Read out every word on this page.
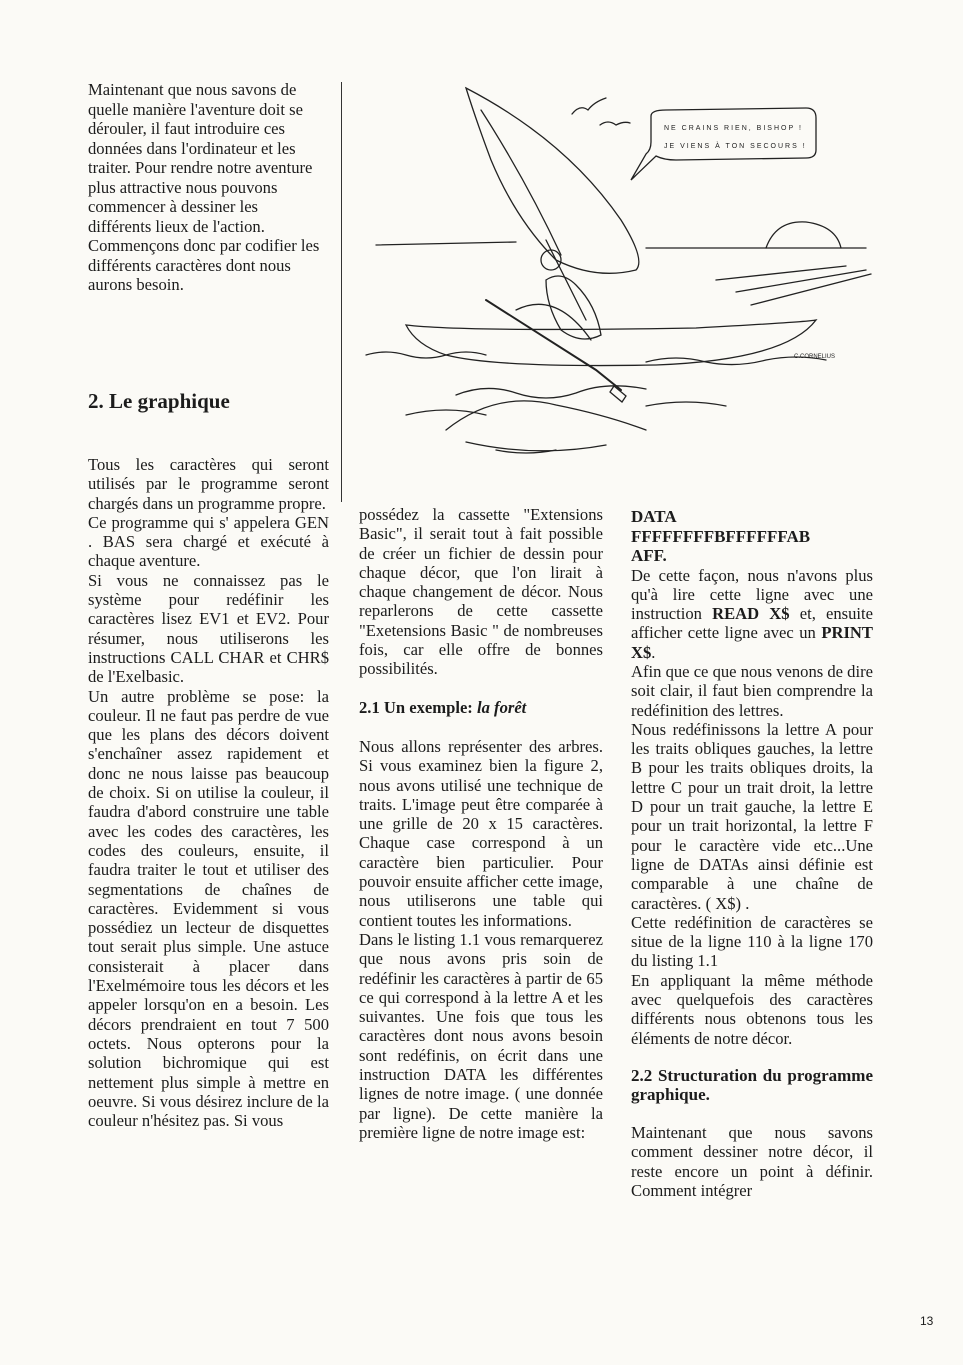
Maintenant que nous savons de quelle manière l'aventure doit se dérouler, il faut introduire ces données dans l'ordinateur et les traiter. Pour rendre notre aventure plus attractive nous pouvons commencer à dessiner les différents lieux de l'action. Commençons donc par codifier les différents caractères dont nous aurons besoin.

2. Le graphique
NE CRAINS RIEN, BISHOP !
JE VIENS À TON SECOURS !
C.CORNELIUS

Tous les caractères qui seront utilisés par le programme seront chargés dans un programme propre.

Ce programme qui s' appelera GEN . BAS sera chargé et exécuté à chaque aventure.

Si vous ne connaissez pas le système pour redéfinir les caractères lisez EV1 et EV2. Pour résumer, nous utiliserons les instructions CALL CHAR et CHR$ de l'Exelbasic.

Un autre problème se pose: la couleur. Il ne faut pas perdre de vue que les plans des décors doivent s'enchaîner assez rapidement et donc ne nous laisse pas beaucoup de choix. Si on utilise la couleur, il faudra d'abord construire une table avec les codes des caractères, les codes des couleurs, ensuite, il faudra traiter le tout et utiliser des segmentations de chaînes de caractères. Evidemment si vous possédiez un lecteur de disquettes tout serait plus simple. Une astuce consisterait à placer dans l'Exelmémoire tous les décors et les appeler lorsqu'on en a besoin. Les décors prendraient en tout 7 500 octets. Nous opterons pour la solution bichromique qui est nettement plus simple à mettre en oeuvre. Si vous désirez inclure de la couleur n'hésitez pas. Si vous

possédez la cassette "Extensions Basic", il serait tout à fait possible de créer un fichier de dessin pour chaque décor, que l'on lirait à chaque changement de décor. Nous reparlerons de cette cassette "Exetensions Basic " de nombreuses fois, car elle offre de bonnes possibilités.

2.1 Un exemple: la forêt

Nous allons représenter des arbres. Si vous examinez bien la figure 2, nous avons utilisé une technique de traits. L'image peut être comparée à une grille de 20 x 15 caractères. Chaque case correspond à un caractère bien particulier. Pour pouvoir ensuite afficher cette image, nous utiliserons une table qui contient toutes les informations.

Dans le listing 1.1 vous remarquerez que nous avons pris soin de redéfinir les caractères à partir de 65 ce qui correspond à la lettre A et les suivantes. Une fois que tous les caractères dont nous avons besoin sont redéfinis, on écrit dans une instruction DATA les différentes lignes de notre image. ( une donnée par ligne). De cette manière la première ligne de notre image est:

DATA
FFFFFFFFBFFFFFFAB
AFF.

De cette façon, nous n'avons plus qu'à lire cette ligne avec une instruction READ X$ et, ensuite afficher cette ligne avec un PRINT X$.

Afin que ce que nous venons de dire soit clair, il faut bien comprendre la redéfinition des lettres.

Nous redéfinissons la lettre A pour les traits obliques gauches, la lettre B pour les traits obliques droits, la lettre C pour un trait droit, la lettre D pour un trait gauche, la lettre E pour un trait horizontal, la lettre F pour le caractère vide etc...Une ligne de DATAs ainsi définie est comparable à une chaîne de caractères. ( X$) .

Cette redéfinition de caractères se situe de la ligne 110 à la ligne 170 du listing 1.1

En appliquant la même méthode avec quelquefois des caractères différents nous obtenons tous les éléments de notre décor.

2.2 Structuration du programme graphique.

Maintenant que nous savons comment dessiner notre décor, il reste encore un point à définir. Comment intégrer

13
